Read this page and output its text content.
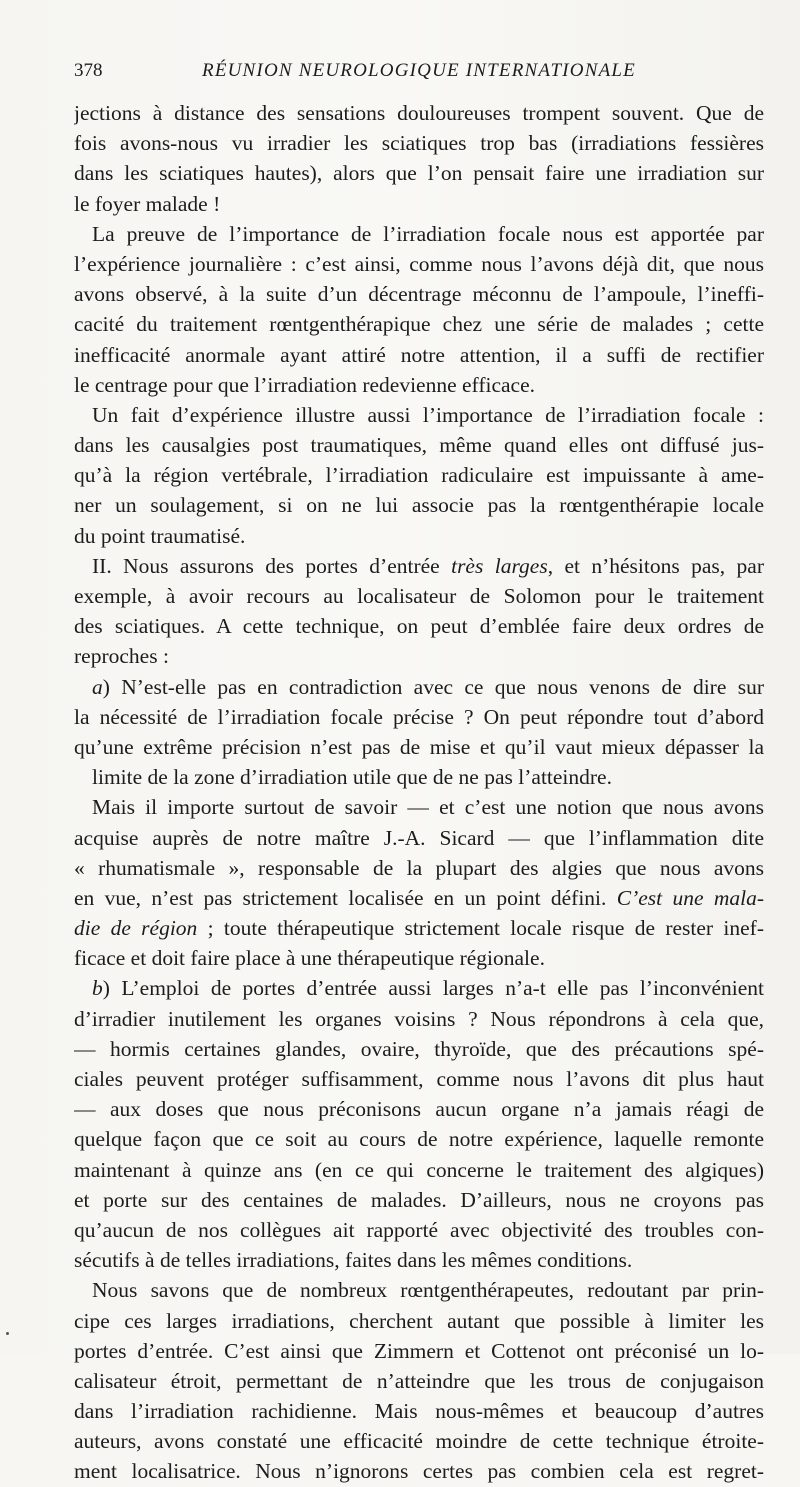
378	RÉUNION NEUROLOGIQUE INTERNATIONALE
jections à distance des sensations douloureuses trompent souvent. Que de
fois avons-nous vu irradier les sciatiques trop bas (irradiations fessières
dans les sciatiques hautes), alors que l’on pensait faire une irradiation sur
le foyer malade !
La preuve de l’importance de l’irradiation focale nous est apportée par
l’expérience journalière : c’est ainsi, comme nous l’avons déjà dit, que nous
avons observé, à la suite d’un décentrage méconnu de l’ampoule, l’ineffi-
cacité du traitement rœntgenthérapique chez une série de malades ; cette
inefficacité anormale ayant attiré notre attention, il a suffi de rectifier
le centrage pour que l’irradiation redevienne efficace.
Un fait d’expérience illustre aussi l’importance de l’irradiation focale :
dans les causalgies post traumatiques, même quand elles ont diffusé jus-
qu’à la région vertébrale, l’irradiation radiculaire est impuissante à ame-
ner un soulagement, si on ne lui associe pas la rœntgenthérapie locale
du point traumatisé.
II. Nous assurons des portes d’entrée très larges, et n’hésitons pas, par
exemple, à avoir recours au localisateur de Solomon pour le traitement
des sciatiques. A cette technique, on peut d’emblée faire deux ordres de
reproches :
a) N’est-elle pas en contradiction avec ce que nous venons de dire sur
la nécessité de l’irradiation focale précise ? On peut répondre tout d’abord
qu’une extrême précision n’est pas de mise et qu’il vaut mieux dépasser la
limite de la zone d’irradiation utile que de ne pas l’atteindre.
Mais il importe surtout de savoir — et c’est une notion que nous avons
acquise auprès de notre maître J.-A. Sicard — que l’inflammation dite
« rhumatismale », responsable de la plupart des algies que nous avons
en vue, n’est pas strictement localisée en un point défini. C’est une mala-
die de région ; toute thérapeutique strictement locale risque de rester inef-
ficace et doit faire place à une thérapeutique régionale.
b) L’emploi de portes d’entrée aussi larges n’a-t elle pas l’inconvénient
d’irradier inutilement les organes voisins ? Nous répondrons à cela que,
— hormis certaines glandes, ovaire, thyroïde, que des précautions spé-
ciales peuvent protéger suffisamment, comme nous l’avons dit plus haut
— aux doses que nous préconisons aucun organe n’a jamais réagi de
quelque façon que ce soit au cours de notre expérience, laquelle remonte
maintenant à quinze ans (en ce qui concerne le traitement des algiques)
et porte sur des centaines de malades. D’ailleurs, nous ne croyons pas
qu’aucun de nos collègues ait rapporté avec objectivité des troubles con-
sécutifs à de telles irradiations, faites dans les mêmes conditions.
Nous savons que de nombreux rœntgenthérapeutes, redoutant par prin-
cipe ces larges irradiations, cherchent autant que possible à limiter les
portes d’entrée. C’est ainsi que Zimmern et Cottenot ont préconisé un lo-
calisateur étroit, permettant de n’atteindre que les trous de conjugaison
dans l’irradiation rachidienne. Mais nous-mêmes et beaucoup d’autres
auteurs, avons constaté une efficacité moindre de cette technique étroite-
ment localisatrice. Nous n’ignorons certes pas combien cela est regret-
